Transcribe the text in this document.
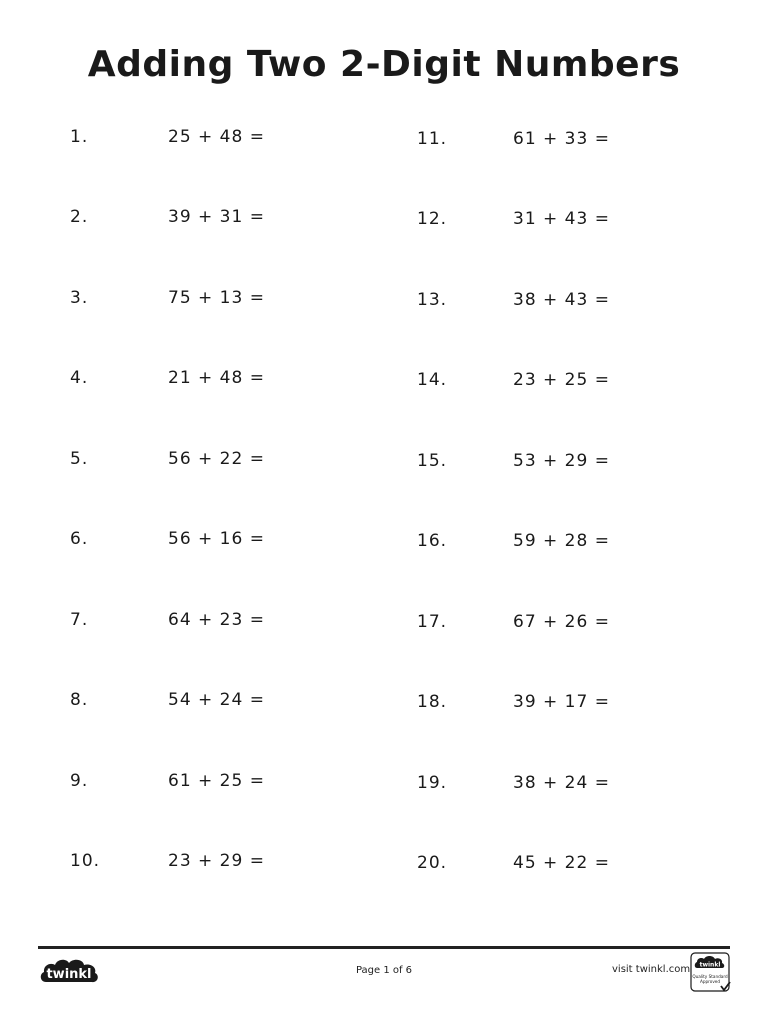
Adding Two 2-Digit Numbers
1.	25 + 48 =
2.	39 + 31 =
3.	75 + 13 =
4.	21 + 48 =
5.	56 + 22 =
6.	56 + 16 =
7.	64 + 23 =
8.	54 + 24 =
9.	61 + 25 =
10.	23 + 29 =
11.	61 + 33 =
12.	31 + 43 =
13.	38 + 43 =
14.	23 + 25 =
15.	53 + 29 =
16.	59 + 28 =
17.	67 + 26 =
18.	39 + 17 =
19.	38 + 24 =
20.	45 + 22 =
twinkl	Page 1 of 6	visit twinkl.com twinkl
Quality Standard
Approved
